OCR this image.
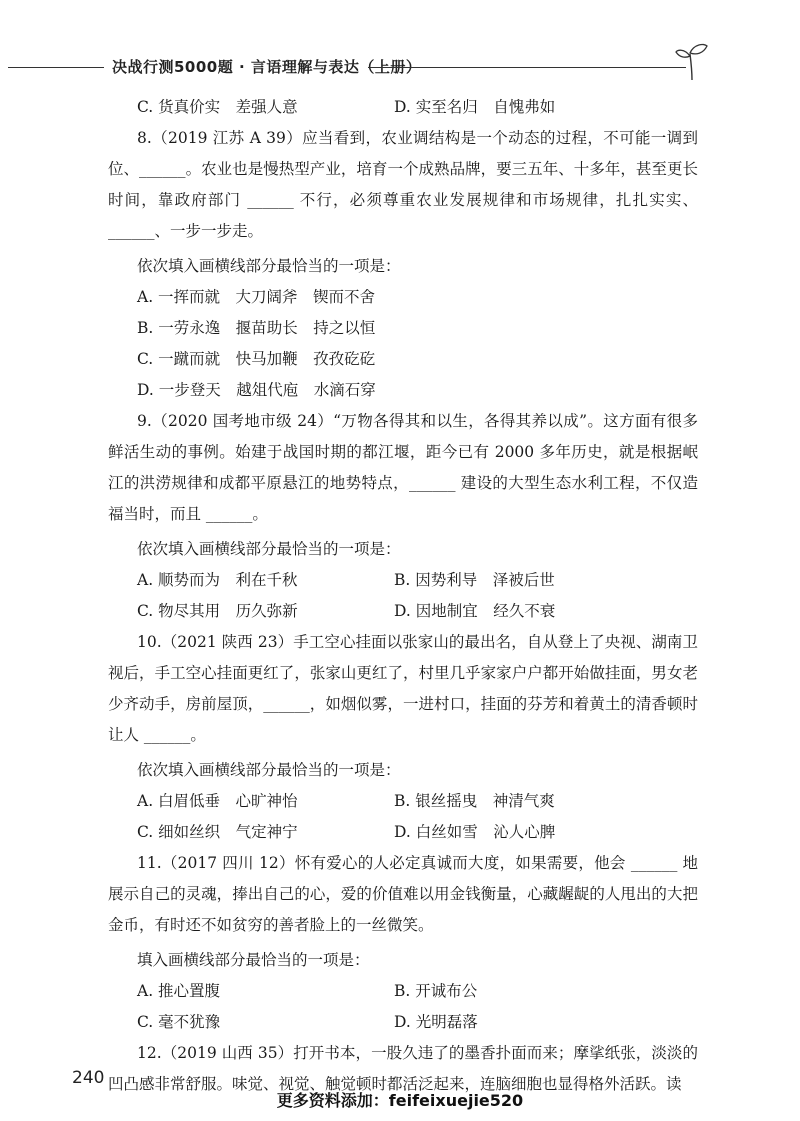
决战行测5000题 · 言语理解与表达（上册）
C. 货真价实　差强人意	D. 实至名归　自愧弗如

8.（2019 江苏 A 39）应当看到，农业调结构是一个动态的过程，不可能一调到位、______。农业也是慢热型产业，培育一个成熟品牌，要三五年、十多年，甚至更长时间，靠政府部门 ______ 不行，必须尊重农业发展规律和市场规律，扎扎实实、______、一步一步走。

依次填入画横线部分最恰当的一项是：
A. 一挥而就　大刀阔斧　锲而不舍
B. 一劳永逸　揠苗助长　持之以恒
C. 一蹴而就　快马加鞭　孜孜矻矻
D. 一步登天　越俎代庖　水滴石穿

9.（2020 国考地市级 24）“万物各得其和以生，各得其养以成”。这方面有很多鲜活生动的事例。始建于战国时期的都江堰，距今已有 2000 多年历史，就是根据岷江的洪涝规律和成都平原悬江的地势特点，______ 建设的大型生态水利工程，不仅造福当时，而且 ______。

依次填入画横线部分最恰当的一项是：
A. 顺势而为　利在千秋	B. 因势利导　泽被后世
C. 物尽其用　历久弥新	D. 因地制宜　经久不衰

10.（2021 陕西 23）手工空心挂面以张家山的最出名，自从登上了央视、湖南卫视后，手工空心挂面更红了，张家山更红了，村里几乎家家户户都开始做挂面，男女老少齐动手，房前屋顶，______，如烟似雾，一进村口，挂面的芬芳和着黄土的清香顿时让人 ______。

依次填入画横线部分最恰当的一项是：
A. 白眉低垂　心旷神怡	B. 银丝摇曳　神清气爽
C. 细如丝织　气定神宁	D. 白丝如雪　沁人心脾

11.（2017 四川 12）怀有爱心的人必定真诚而大度，如果需要，他会 ______ 地展示自己的灵魂，捧出自己的心，爱的价值难以用金钱衡量，心藏龌龊的人甩出的大把金币，有时还不如贫穷的善者脸上的一丝微笑。

填入画横线部分最恰当的一项是：
A. 推心置腹	B. 开诚布公
C. 毫不犹豫	D. 光明磊落

12.（2019 山西 35）打开书本，一股久违了的墨香扑面而来；摩挲纸张，淡淡的凹凸感非常舒服。味觉、视觉、触觉顿时都活泛起来，连脑细胞也显得格外活跃。读

240
更多资料添加：feifeixuejie520
